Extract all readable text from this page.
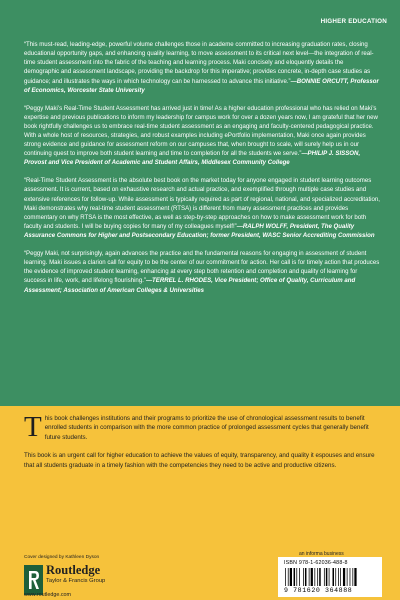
HIGHER EDUCATION

“This must-read, leading-edge, powerful volume challenges those in academe committed to increasing graduation rates, closing educational opportunity gaps, and enhancing quality learning, to move assessment to its critical next level—the integration of real-time student assessment into the fabric of the teaching and learning process. Maki concisely and eloquently details the demographic and assessment landscape, providing the backdrop for this imperative; provides concrete, in-depth case studies as guidance; and illustrates the ways in which technology can be harnessed to advance this initiative.”—BONNIE ORCUTT, Professor of Economics, Worcester State University

“Peggy Maki’s Real-Time Student Assessment has arrived just in time! As a higher education professional who has relied on Maki’s expertise and previous publications to inform my leadership for campus work for over a dozen years now, I am grateful that her new book rightfully challenges us to embrace real-time student assessment as an engaging and faculty-centered pedagogical practice. With a whole host of resources, strategies, and robust examples including ePortfolio implementation, Maki once again provides strong evidence and guidance for assessment reform on our campuses that, when brought to scale, will surely help us in our continuing quest to improve both student learning and time to completion for all the students we serve.”—PHILIP J. SISSON, Provost and Vice President of Academic and Student Affairs, Middlesex Community College

“Real-Time Student Assessment is the absolute best book on the market today for anyone engaged in student learning outcomes assessment. It is current, based on exhaustive research and actual practice, and exemplified through multiple case studies and extensive references for follow-up. While assessment is typically required as part of regional, national, and specialized accreditation, Maki demonstrates why real-time student assessment (RTSA) is different from many assessment practices and provides commentary on why RTSA is the most effective, as well as step-by-step approaches on how to make assessment work for both faculty and students. I will be buying copies for many of my colleagues myself!”—RALPH WOLFF, President, The Quality Assurance Commons for Higher and Postsecondary Education; former President, WASC Senior Accrediting Commission

“Peggy Maki, not surprisingly, again advances the practice and the fundamental reasons for engaging in assessment of student learning. Maki issues a clarion call for equity to be the center of our commitment for action. Her call is for timely action that produces the evidence of improved student learning, enhancing at every step both retention and completion and quality of learning for success in life, work, and lifelong flourishing.”—TERREL L. RHODES, Vice President; Office of Quality, Curriculum and Assessment; Association of American Colleges & Universities

This book challenges institutions and their programs to prioritize the use of chronological assessment results to benefit enrolled students in comparison with the more common practice of prolonged assessment cycles that generally benefit future students.

This book is an urgent call for higher education to achieve the values of equity, transparency, and quality it espouses and ensure that all students graduate in a timely fashion with the competencies they need to be active and productive citizens.

Cover designed by Kathleen Dyson
Routledge
Taylor & Francis Group
www.routledge.com
an informa business
ISBN 978-1-62036-488-8
9 781620 364888
